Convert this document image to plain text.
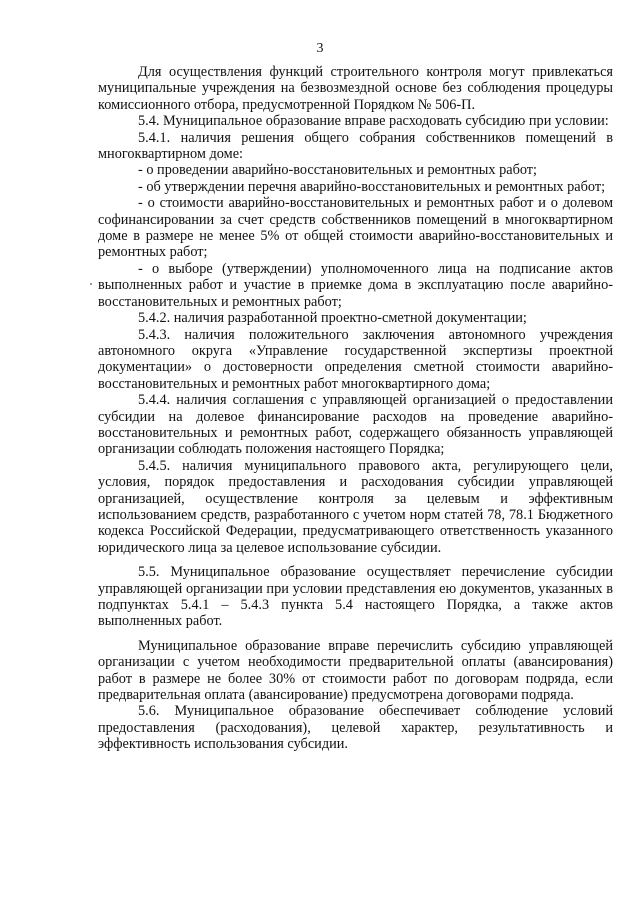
3

Для осуществления функций строительного контроля могут привлекаться муниципальные учреждения на безвозмездной основе без соблюдения процедуры комиссионного отбора, предусмотренной Порядком № 506-П.

5.4. Муниципальное образование вправе расходовать субсидию при условии:

5.4.1. наличия решения общего собрания собственников помещений в многоквартирном доме:

- о проведении аварийно-восстановительных и ремонтных работ;

- об утверждении перечня аварийно-восстановительных и ремонтных работ;

- о стоимости аварийно-восстановительных и ремонтных работ и о долевом софинансировании за счет средств собственников помещений в многоквартирном доме в размере не менее 5% от общей стоимости аварийно-восстановительных и ремонтных работ;

- о выборе (утверждении) уполномоченного лица на подписание актов выполненных работ и участие в приемке дома в эксплуатацию после аварийно-восстановительных и ремонтных работ;

5.4.2. наличия разработанной проектно-сметной документации;

5.4.3. наличия положительного заключения автономного учреждения автономного округа «Управление государственной экспертизы проектной документации» о достоверности определения сметной стоимости аварийно-восстановительных и ремонтных работ многоквартирного дома;

5.4.4. наличия соглашения с управляющей организацией о предоставлении субсидии на долевое финансирование расходов на проведение аварийно-восстановительных и ремонтных работ, содержащего обязанность управляющей организации соблюдать положения настоящего Порядка;

5.4.5. наличия муниципального правового акта, регулирующего цели, условия, порядок предоставления и расходования субсидии управляющей организацией, осуществление контроля за целевым и эффективным использованием средств, разработанного с учетом норм статей 78, 78.1 Бюджетного кодекса Российской Федерации, предусматривающего ответственность указанного юридического лица за целевое использование субсидии.

5.5. Муниципальное образование осуществляет перечисление субсидии управляющей организации при условии представления ею документов, указанных в подпунктах 5.4.1 – 5.4.3 пункта 5.4 настоящего Порядка, а также актов выполненных работ.

Муниципальное образование вправе перечислить субсидию управляющей организации с учетом необходимости предварительной оплаты (авансирования) работ в размере не более 30% от стоимости работ по договорам подряда, если предварительная оплата (авансирование) предусмотрена договорами подряда.

5.6. Муниципальное образование обеспечивает соблюдение условий предоставления (расходования), целевой характер, результативность и эффективность использования субсидии.
